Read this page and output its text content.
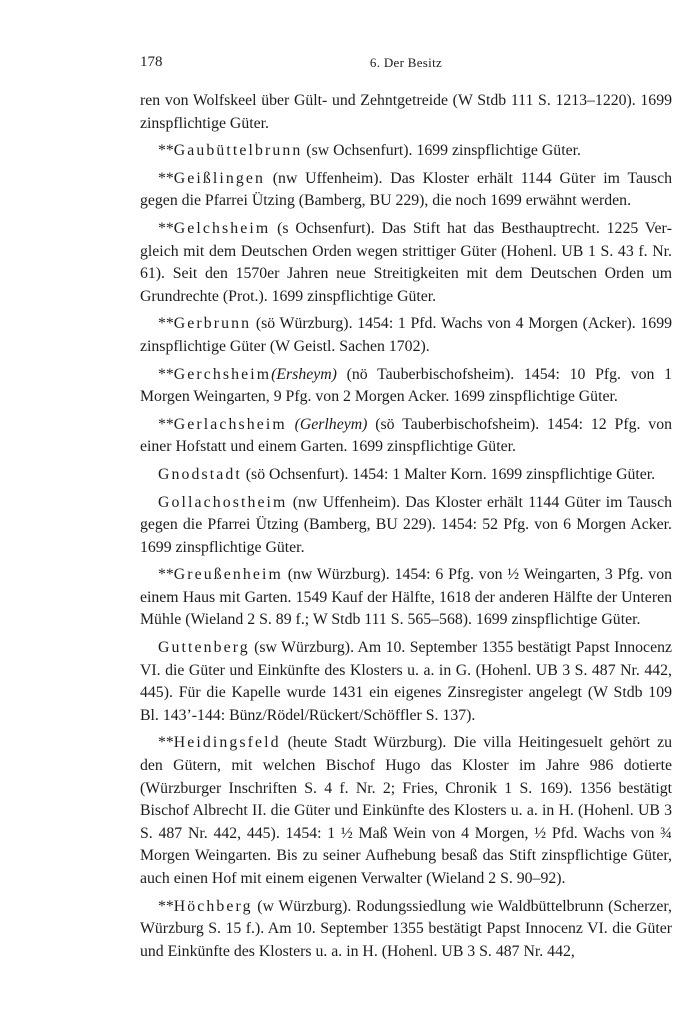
178	6. Der Besitz

ren von Wolfskeel über Gült- und Zehntgetreide (W Stdb 111 S. 1213–1220). 1699 zinspflichtige Güter.

**Gaubüttelbrunn (sw Ochsenfurt). 1699 zinspflichtige Güter.

**Geißlingen (nw Uffenheim). Das Kloster erhält 1144 Güter im Tausch gegen die Pfarrei Ützing (Bamberg, BU 229), die noch 1699 erwähnt werden.

**Gelchsheim (s Ochsenfurt). Das Stift hat das Besthauptrecht. 1225 Vergleich mit dem Deutschen Orden wegen strittiger Güter (Hohenl. UB 1 S. 43 f. Nr. 61). Seit den 1570er Jahren neue Streitigkeiten mit dem Deutschen Orden um Grundrechte (Prot.). 1699 zinspflichtige Güter.

**Gerbrunn (sö Würzburg). 1454: 1 Pfd. Wachs von 4 Morgen (Acker). 1699 zinspflichtige Güter (W Geistl. Sachen 1702).

**Gerchsheim(Ersheym) (nö Tauberbischofsheim). 1454: 10 Pfg. von 1 Morgen Weingarten, 9 Pfg. von 2 Morgen Acker. 1699 zinspflichtige Güter.

**Gerlachsheim (Gerlheym) (sö Tauberbischofsheim). 1454: 12 Pfg. von einer Hofstatt und einem Garten. 1699 zinspflichtige Güter.

Gnodstadt (sö Ochsenfurt). 1454: 1 Malter Korn. 1699 zinspflichtige Güter.

Gollachostheim (nw Uffenheim). Das Kloster erhält 1144 Güter im Tausch gegen die Pfarrei Ützing (Bamberg, BU 229). 1454: 52 Pfg. von 6 Morgen Acker. 1699 zinspflichtige Güter.

**Greußenheim (nw Würzburg). 1454: 6 Pfg. von ½ Weingarten, 3 Pfg. von einem Haus mit Garten. 1549 Kauf der Hälfte, 1618 der anderen Hälfte der Unteren Mühle (Wieland 2 S. 89 f.; W Stdb 111 S. 565–568). 1699 zinspflichtige Güter.

Guttenberg (sw Würzburg). Am 10. September 1355 bestätigt Papst Innocenz VI. die Güter und Einkünfte des Klosters u. a. in G. (Hohenl. UB 3 S. 487 Nr. 442, 445). Für die Kapelle wurde 1431 ein eigenes Zinsregister angelegt (W Stdb 109 Bl. 143’-144: Bünz/Rödel/Rückert/Schöffler S. 137).

**Heidingsfeld (heute Stadt Würzburg). Die villa Heitingesuelt gehört zu den Gütern, mit welchen Bischof Hugo das Kloster im Jahre 986 dotierte (Würzburger Inschriften S. 4 f. Nr. 2; Fries, Chronik 1 S. 169). 1356 bestätigt Bischof Albrecht II. die Güter und Einkünfte des Klosters u. a. in H. (Hohenl. UB 3 S. 487 Nr. 442, 445). 1454: 1 ½ Maß Wein von 4 Morgen, ½ Pfd. Wachs von ¾ Morgen Weingarten. Bis zu seiner Aufhebung besaß das Stift zinspflichtige Güter, auch einen Hof mit einem eigenen Verwalter (Wieland 2 S. 90–92).

**Höchberg (w Würzburg). Rodungssiedlung wie Waldbüttelbrunn (Scherzer, Würzburg S. 15 f.). Am 10. September 1355 bestätigt Papst Innocenz VI. die Güter und Einkünfte des Klosters u. a. in H. (Hohenl. UB 3 S. 487 Nr. 442,
